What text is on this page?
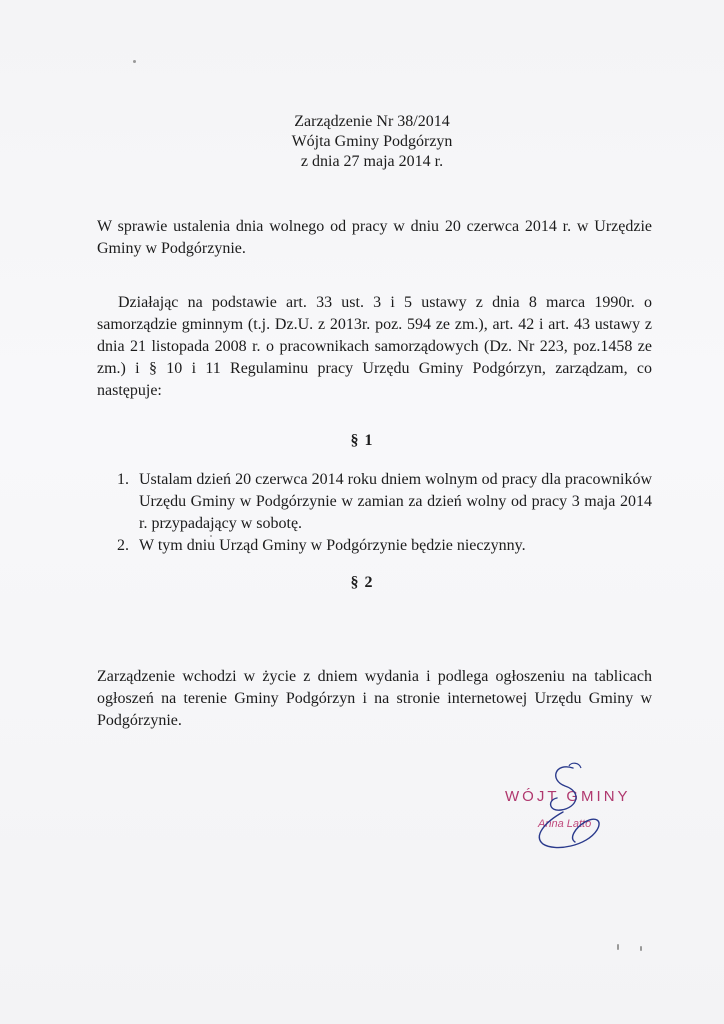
Zarządzenie Nr 38/2014
Wójta Gminy Podgórzyn
z dnia 27 maja 2014 r.
W sprawie ustalenia dnia wolnego od pracy w dniu 20 czerwca 2014 r. w Urzędzie Gminy w Podgórzynie.
Działając na podstawie art. 33 ust. 3 i 5 ustawy z dnia 8 marca 1990r. o samorządzie gminnym (t.j. Dz.U. z 2013r. poz. 594 ze zm.), art. 42 i art. 43 ustawy z dnia 21 listopada 2008 r. o pracownikach samorządowych (Dz. Nr 223, poz.1458 ze zm.) i § 10 i 11 Regulaminu pracy Urzędu Gminy Podgórzyn, zarządzam, co następuje:
§ 1
1. Ustalam dzień 20 czerwca 2014 roku dniem wolnym od pracy dla pracowników Urzędu Gminy w Podgórzynie w zamian za dzień wolny od pracy 3 maja 2014 r. przypadający w sobotę.
2. W tym dniu Urząd Gminy w Podgórzynie będzie nieczynny.
§ 2
Zarządzenie wchodzi w życie z dniem wydania i podlega ogłoszeniu na tablicach ogłoszeń na terenie Gminy Podgórzyn i na stronie internetowej Urzędu Gminy w Podgórzynie.
WÓJT GMINY
Anna Latto
